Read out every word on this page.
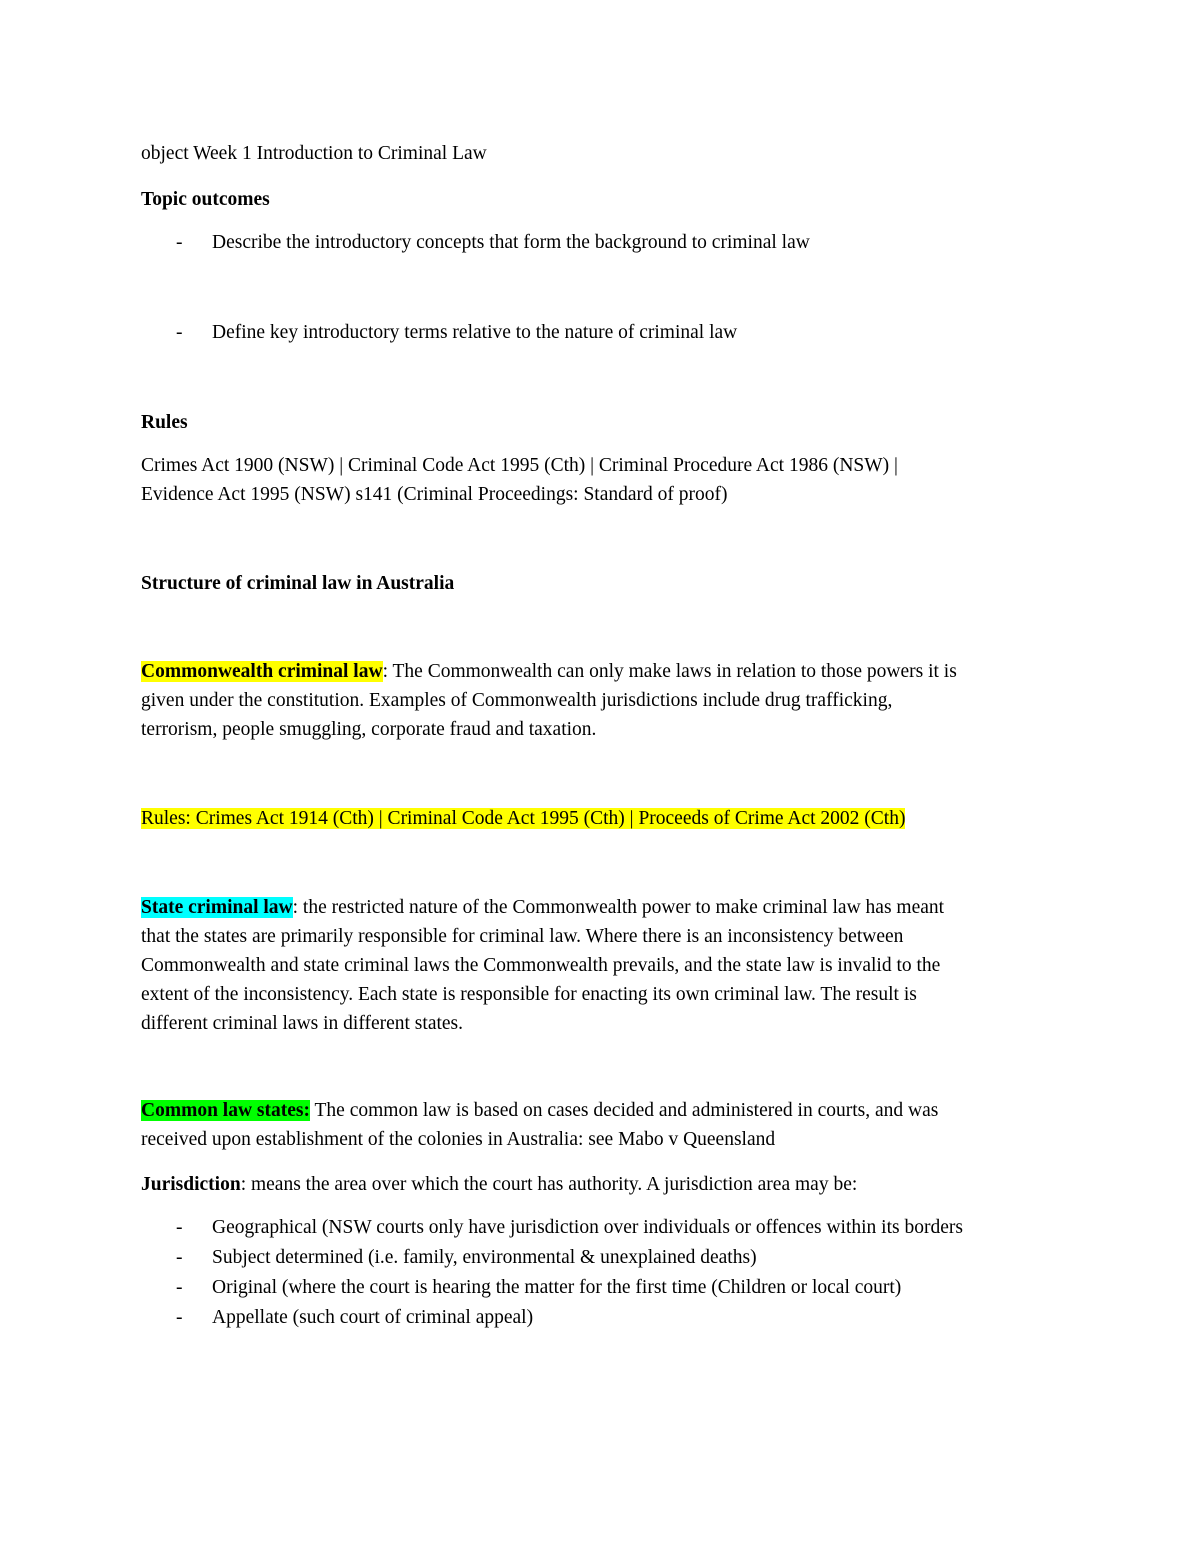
object Week 1 Introduction to Criminal Law
Topic outcomes
- Describe the introductory concepts that form the background to criminal law
- Define key introductory terms relative to the nature of criminal law
Rules
Crimes Act 1900 (NSW) | Criminal Code Act 1995 (Cth) | Criminal Procedure Act 1986 (NSW) |
Evidence Act 1995 (NSW) s141 (Criminal Proceedings: Standard of proof)
Structure of criminal law in Australia
Commonwealth criminal law: The Commonwealth can only make laws in relation to those powers it is
given under the constitution. Examples of Commonwealth jurisdictions include drug trafficking,
terrorism, people smuggling, corporate fraud and taxation.
Rules: Crimes Act 1914 (Cth) | Criminal Code Act 1995 (Cth) | Proceeds of Crime Act 2002 (Cth)
State criminal law: the restricted nature of the Commonwealth power to make criminal law has meant
that the states are primarily responsible for criminal law. Where there is an inconsistency between
Commonwealth and state criminal laws the Commonwealth prevails, and the state law is invalid to the
extent of the inconsistency. Each state is responsible for enacting its own criminal law. The result is
different criminal laws in different states.
Common law states: The common law is based on cases decided and administered in courts, and was
received upon establishment of the colonies in Australia: see Mabo v Queensland
Jurisdiction: means the area over which the court has authority. A jurisdiction area may be:
- Geographical (NSW courts only have jurisdiction over individuals or offences within its borders
- Subject determined (i.e. family, environmental & unexplained deaths)
- Original (where the court is hearing the matter for the first time (Children or local court)
- Appellate (such court of criminal appeal)
